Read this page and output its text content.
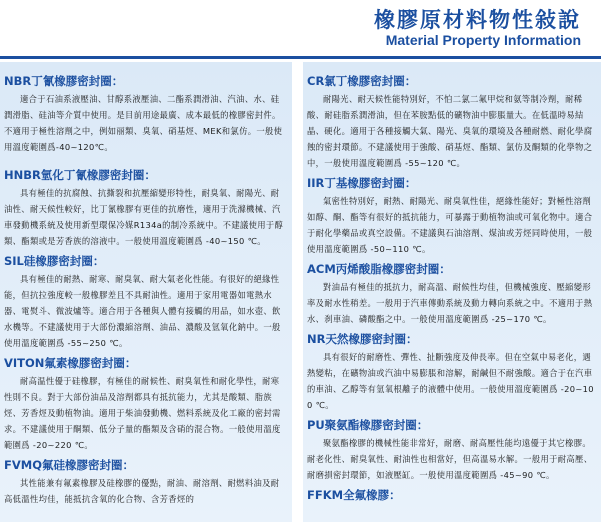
橡膠原材料物性敍說
Material Property Information
NBR丁氰橡膠密封圈：

適合于石油系液壓油、甘醇系液壓油、二酯系潤滑油、汽油、水、硅潤滑脂、硅油等介質中使用。是目前用途最廣、成本最低的橡膠密封件。不適用于極性溶劑之中，例如丽類、臭氧、硝基烴、MEK和氯仿。一般使用溫度範圍爲-40~120℃。

HNBR氫化丁氰橡膠密封圈：

具有極佳的抗腐蝕、抗撕裂和抗壓縮變形特性，耐臭氧、耐陽光、耐油性、耐天候性較好，比丁氰橡膠有更佳的抗磨性，適用于洗滌機械、汽車發動機系統及使用新型環保冷媒R134a的制冷系統中。不建議使用于醇類、酯類或是芳香族的溶液中。一般使用溫度範圍爲 -40~150 ℃。

SIL硅橡膠密封圈：

具有極佳的耐熱、耐寒、耐臭氧、耐大氣老化性能。有很好的絕緣性能，但抗拉強度較一般橡膠差且不具耐油性。適用于家用電器如電熱水器、電熨斗、微波爐等。適合用于各種與人體有接觸的用品，如水壺、飲水機等。不建議使用于大部份濃縮溶劑、油品、濃酸及氫氧化鈉中。一般使用溫度範圍爲 -55~250 ℃。

VITON氟素橡膠密封圈：

耐高温性優于硅橡膠，有極佳的耐候性、耐臭氧性和耐化學性，耐寒性則不良。對于大部份油品及溶劑都具有抵抗能力，尤其是酸類、脂族烴、芳香烴及動植物油。適用于柴油發動機、燃料系統及化工廠的密封需求。不建議使用于酮類、低分子量的酯類及含硝的混合物。一般使用溫度範圍爲 -20~220 ℃。

FVMQ氟硅橡膠密封圈：

其性能兼有氟素橡膠及硅橡膠的優點，耐油、耐溶劑、耐燃料油及耐高低溫性均佳，能抵抗含氧的化合物、含芳香烴的

CR氯丁橡膠密封圈：

耐陽光、耐天候性能特別好，不怕二氯二氟甲烷和氨等制冷劑，耐稀酸、耐硅脂系潤滑油，但在苯胺點低的礦物油中膨脹量大。在低溫時易結晶、硬化。適用于各種接觸大氣、陽光、臭氧的環境及各種耐燃、耐化學腐蝕的密封環節。不建議使用于強酸、硝基烴、酯類、氯仿及酮類的化學物之中，一般使用溫度範圍爲 -55~120 ℃。

IIR丁基橡膠密封圈：

氣密性特別好，耐熱、耐陽光、耐臭氧性佳，絕緣性能好；對極性溶劑如醇、酮、酯等有很好的抵抗能力，可暴露于動植物油或可氧化物中。適合于耐化學藥品或真空設備。不建議與石油溶劑、煤油或芳烴同時使用，一般使用溫度範圍爲 -50~110 ℃。

ACM丙烯酸脂橡膠密封圈：

對油品有極佳的抵抗力，耐高溫、耐候性均佳，但機械強度、壓縮變形率及耐水性稍差。一般用于汽車傳動系統及動力轉向系統之中。不適用于熱水、刹車油、磷酸酯之中。一般使用溫度範圍爲 -25~170 ℃。

NR天然橡膠密封圈：

具有很好的耐磨性、彈性、扯斷強度及伸長率。但在空氣中易老化，遇熱變粘，在礦物油或汽油中易膨脹和溶解，耐鹹但不耐強酸。適合于在汽車的車油、乙醇等有氫氧根離子的液體中使用。一般使用溫度範圍爲 -20~100 ℃。

PU聚氨酯橡膠密封圈：

聚氨酯橡膠的機械性能非常好，耐磨、耐高壓性能均遠優于其它橡膠。耐老化性、耐臭氧性、耐油性也相當好，但高溫易水解。一般用于耐高壓、耐磨損密封環節，如液壓缸。一般使用溫度範圍爲 -45~90 ℃。

FFKM全氟橡膠：
